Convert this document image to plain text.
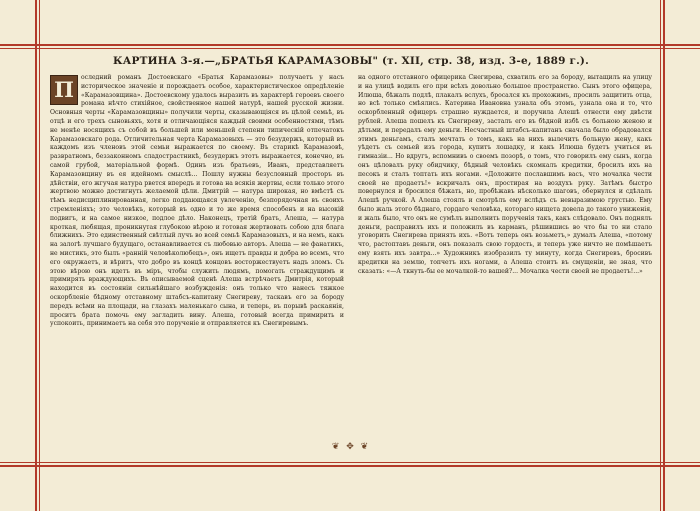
КАРТИНА 3-я.—„БРАТЬЯ КАРАМАЗОВЫ" (т. XII, стр. 38, изд. 3-е, 1889 г.).
П	оследний романъ Достоевскаго «Братья Карамазовы» получаетъ у насъ историческое значеніе и порождаетъ особое, характеристическое опредѣленіе «Карамазовщина». Достоевскому удалось выразить въ характерѣ героевъ своего романа нѣчто стихійное, свойственное нашей натурѣ, нашей русской жизни. Основныя черты «Карамазовщины» получили черты, сказывающіяся въ цѣлой семьѣ, въ отцѣ и его трехъ сыновьяхъ, хотя и отличающіяся каждый своими особенностями, тѣмъ не менѣе носящихъ съ собой въ большей или меньшей степени типическій отпечатокъ Карамазовскаго рода. Отличительная черта Карамазовыхъ — это безудержъ, который въ каждомъ изъ членовъ этой семьи выражается по своему. Въ старикѣ Карамазовѣ, развратномъ, беззаконномъ сладострастникѣ, безудержъ этотъ выражается, конечно, въ самой грубой, матеріальной формѣ. Одинъ изъ братьевъ, Иванъ, представляетъ Карамазовщину въ ея идейномъ смыслѣ... Пошлу нужны безусловный просторъ въ дѣйствіи, его жгучая натура рвется впередъ и готова на всякія жертвы, если только этого жертвою можно достигнуть желаемой цѣли. Дмитрій — натура широкая, но вмѣстѣ съ тѣмъ недисциплинированная, легко поддающаяся увлеченію, безпорядочная въ своихъ стремленіяхъ; это человѣкъ, который въ одно и то же время способенъ и на высокій подвигъ, и на самое низкое, подлое дѣло. Наконецъ, третій братъ, Алеша, — натура кроткая, любящая, проникнутая глубокою вѣрою и готовая жертвовать собою для блага ближнихъ. Это единственный свѣтлый лучъ во всей семьѣ Карамазовыхъ, и на немъ, какъ на залогѣ лучшаго будущаго, останавливается съ любовью авторъ. Алеша — не фанатикъ, не мистикъ, это былъ «ранній человѣколюбецъ», онъ ищетъ правды и добра во всемъ, что его окружаетъ, и вѣритъ, что добро въ концѣ концовъ восторжествуетъ надъ зломъ. Съ этою вѣрою онъ идетъ въ міръ, чтобы служить людямъ, помогать страждущимъ и примирять враждующихъ. Въ описываемой сценѣ Алеша встрѣчаетъ Дмитрія, который находится въ состояніи сильнѣйшаго возбужденія: онъ только что нанесъ тяжкое оскорбленіе бѣдному отставному штабсъ-капитану Снегиреву, таскавъ его за бороду передъ всѣми на площади, на глазахъ маленькаго сына, и теперь, въ порывѣ раскаянія, проситъ брата помочь ему загладить вину. Алеша, готовый всегда примирить и успокоить, принимаетъ на себя это порученіе и отправляется къ Снегиревымъ.

на одного отставного офицерика Снегирева, схватилъ его за бороду, вытащилъ на улицу и на улицѣ водилъ его при всѣхъ довольно большое пространство. Сынъ этого офицера, Илюша, бѣжалъ подлѣ, плакалъ вслухъ, бросался къ прохожимъ, просилъ защитить отца, но всѣ только смѣялись. Катерина Ивановна узнала объ этомъ, узнала она и то, что оскорбленный офицеръ страшно нуждается, и поручила Алешѣ отнести ему двѣсти рублей. Алеша пошелъ къ Снегиреву, засталъ его въ бѣдной избѣ съ больною женою и дѣтьми, и передалъ ему деньги. Несчастный штабсъ-капитанъ сначала было обрадовался этимъ деньгамъ, сталъ мечтать о томъ, какъ на нихъ вылечитъ больную жену, какъ уѣдетъ съ семьей изъ города, купитъ лошадку, и какъ Илюша будетъ учиться въ гимназіи... Но вдругъ, вспомнивъ о своемъ позорѣ, о томъ, что говорилъ ему сынъ, когда онъ цѣловалъ руку обидчику, бѣдный человѣкъ скомкалъ кредитки, бросилъ ихъ на песокъ и сталъ топтать ихъ ногами. «Доложите пославшимъ васъ, что мочалка чести своей не продаетъ!» вскричалъ онъ, простирая на воздухъ руку. Затѣмъ быстро повернулся и бросился бѣжать, но, пробѣжавъ нѣсколько шаговъ, обернулся и сдѣлалъ Алешѣ ручкой. А Алеша стоялъ и смотрѣлъ ему вслѣдъ съ невыразимою грустью. Ему было жаль этого бѣднаго, гордаго человѣка, котораго нищета довела до такого униженія, и жаль было, что онъ не сумѣлъ выполнить порученія такъ, какъ слѣдовало. Онъ поднялъ деньги, расправилъ ихъ и положилъ въ карманъ, рѣшившись во что бы то ни стало уговорить Снегирева принять ихъ. «Вотъ теперь онъ возьметъ,» думалъ Алеша, «потому что, растоптавъ деньги, онъ показалъ свою гордость, и теперь уже ничто не помѣшаетъ ему взять ихъ завтра...» Художникъ изобразилъ ту минуту, когда Снегиревъ, бросивъ кредитки на землю, топчетъ ихъ ногами, а Алеша стоитъ въ смущеніи, не зная, что сказать: «—А ткнуть-бы ее мочалкой-то вашей?... Мочалка чести своей не продаетъ!...»

❦ ✥ ❦
